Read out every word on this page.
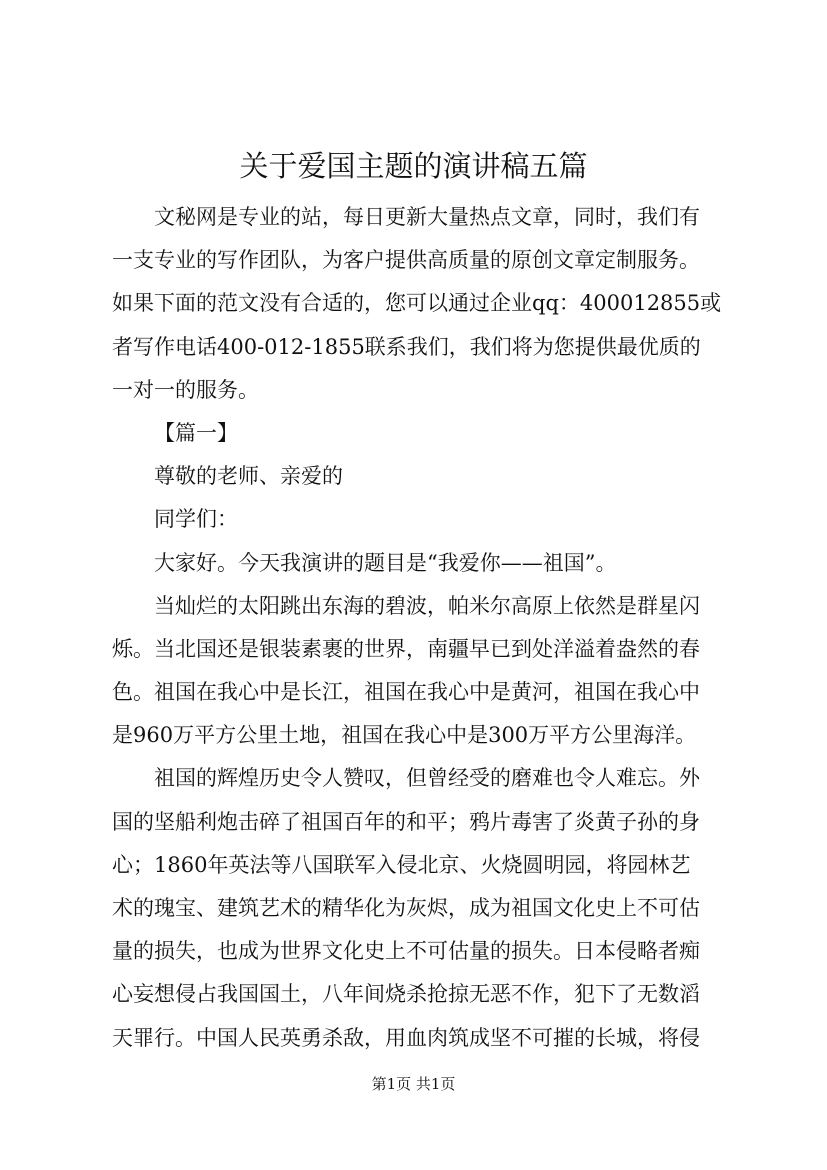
关于爱国主题的演讲稿五篇
文秘网是专业的站，每日更新大量热点文章，同时，我们有
一支专业的写作团队，为客户提供高质量的原创文章定制服务。
如果下面的范文没有合适的，您可以通过企业qq：400012855或
者写作电话400-012-1855联系我们，我们将为您提供最优质的
一对一的服务。
【篇一】
尊敬的老师、亲爱的
同学们：
大家好。今天我演讲的题目是“我爱你——祖国”。
当灿烂的太阳跳出东海的碧波，帕米尔高原上依然是群星闪
烁。当北国还是银装素裹的世界，南疆早已到处洋溢着盎然的春
色。祖国在我心中是长江，祖国在我心中是黄河，祖国在我心中
是960万平方公里土地，祖国在我心中是300万平方公里海洋。
祖国的辉煌历史令人赞叹，但曾经受的磨难也令人难忘。外
国的坚船利炮击碎了祖国百年的和平；鸦片毒害了炎黄子孙的身
心；1860年英法等八国联军入侵北京、火烧圆明园，将园林艺
术的瑰宝、建筑艺术的精华化为灰烬，成为祖国文化史上不可估
量的损失，也成为世界文化史上不可估量的损失。日本侵略者痴
心妄想侵占我国国土，八年间烧杀抢掠无恶不作，犯下了无数滔
天罪行。中国人民英勇杀敌，用血肉筑成坚不可摧的长城，将侵
第1页 共1页
